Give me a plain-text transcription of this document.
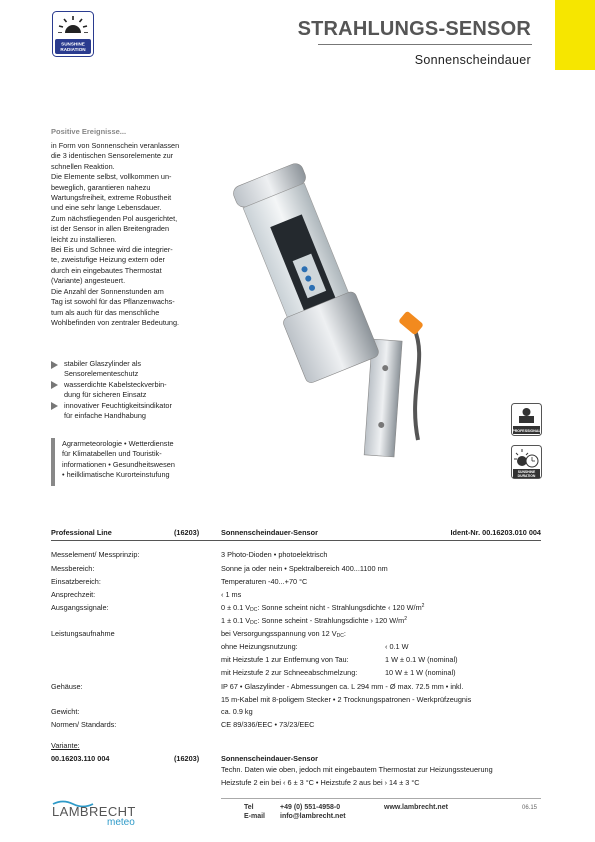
STRAHLUNGS-SENSOR
Sonnenscheindauer
SUNSHINE
RADIATION
Positive Ereignisse...
in Form von Sonnenschein veranlassen
die 3 identischen Sensorelemente zur
schnellen Reaktion.
Die Elemente selbst, vollkommen un-
beweglich, garantieren nahezu
Wartungsfreiheit, extreme Robustheit
und eine sehr lange Lebensdauer.
Zum nächstliegenden Pol ausgerichtet,
ist der Sensor in allen Breitengraden
leicht zu installieren.
Bei Eis und Schnee wird die integrier-
te, zweistufige Heizung extern oder
durch ein eingebautes Thermostat
(Variante) angesteuert.
Die Anzahl der Sonnenstunden am
Tag ist sowohl für das Pflanzenwachs-
tum als auch für das menschliche
Wohlbefinden von zentraler Bedeutung.
stabiler Glaszylinder als
Sensorelementeschutz
wasserdichte Kabelsteckverbin-
dung für sicheren Einsatz
innovativer Feuchtigkeitsindikator
für einfache Handhabung
Agrarmeteorologie • Wetterdienste
für Klimatabellen und Touristik-
informationen • Gesundheitswesen
• heilklimatische Kurorteinstufung
PROFESSIONAL
SUNSHINE
DURATION
Professional Line	(16203)	Sonnenscheindauer-Sensor	Ident-Nr. 00.16203.010 004
Messelement/ Messprinzip:	3 Photo-Dioden • photoelektrisch
Messbereich:	Sonne ja oder nein • Spektralbereich 400...1100 nm
Einsatzbereich:	Temperaturen -40...+70 °C
Ansprechzeit:	‹ 1 ms
Ausgangssignale:	0 ± 0.1 $V_{DC}$: Sonne scheint nicht - Strahlungsdichte ‹ 120 $W/m^2$
1 ± 0.1 $V_{DC}$: Sonne scheint - Strahlungsdichte › 120 $W/m^2$
Leistungsaufnahme	bei Versorgungsspannung von 12 $V_{DC}$:
ohne Heizungsnutzung:	‹ 0.1 W
mit Heizstufe 1 zur Entfernung von Tau:	1 W ± 0.1 W (nominal)
mit Heizstufe 2 zur Schneeabschmelzung:	10 W ± 1 W (nominal)
Gehäuse:	IP 67 • Glaszylinder - Abmessungen ca. L 294 mm - Ø max. 72.5 mm • inkl.
15 m-Kabel mit 8-poligem Stecker • 2 Trocknungspatronen - Werkprüfzeugnis
Gewicht:	ca. 0.9 kg
Normen/ Standards:	CE 89/336/EEC • 73/23/EEC
Variante:
00.16203.110 004	(16203)	Sonnenscheindauer-Sensor
Techn. Daten wie oben, jedoch mit eingebautem Thermostat zur Heizungssteuerung
Heizstufe 2 ein bei ‹ 6 ± 3 °C • Heizstufe 2 aus bei › 14 ± 3 °C
LAMBRECHT
meteo
Tel	+49 (0) 551-4958-0
E-mail info@lambrecht.net
www.lambrecht.net	06.15
